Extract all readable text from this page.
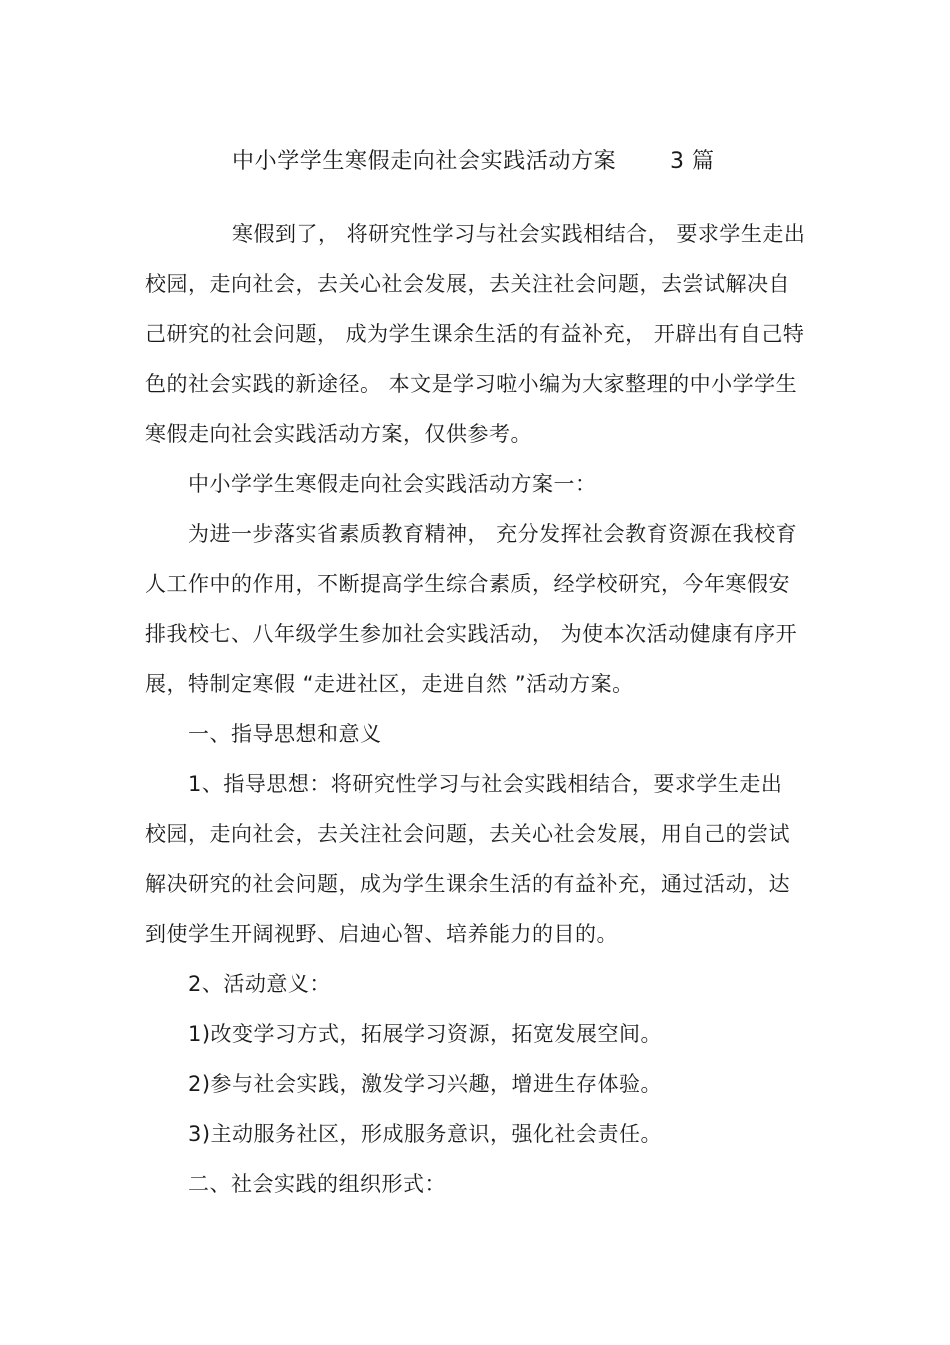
中小学学生寒假走向社会实践活动方案 3 篇
寒假到了， 将研究性学习与社会实践相结合， 要求学生走出
校园，走向社会，去关心社会发展，去关注社会问题，去尝试解决自
己研究的社会问题， 成为学生课余生活的有益补充， 开辟出有自己特
色的社会实践的新途径。 本文是学习啦小编为大家整理的中小学学生
寒假走向社会实践活动方案，仅供参考。
中小学学生寒假走向社会实践活动方案一：
为进一步落实省素质教育精神， 充分发挥社会教育资源在我校育
人工作中的作用，不断提高学生综合素质，经学校研究，今年寒假安
排我校七、八年级学生参加社会实践活动， 为使本次活动健康有序开
展，特制定寒假 “走进社区，走进自然 ”活动方案。
一、指导思想和意义
1、指导思想：将研究性学习与社会实践相结合，要求学生走出
校园，走向社会，去关注社会问题，去关心社会发展，用自己的尝试
解决研究的社会问题，成为学生课余生活的有益补充，通过活动，达
到使学生开阔视野、启迪心智、培养能力的目的。
2、活动意义：
1)改变学习方式，拓展学习资源，拓宽发展空间。
2)参与社会实践，激发学习兴趣，增进生存体验。
3)主动服务社区，形成服务意识，强化社会责任。
二、社会实践的组织形式：
